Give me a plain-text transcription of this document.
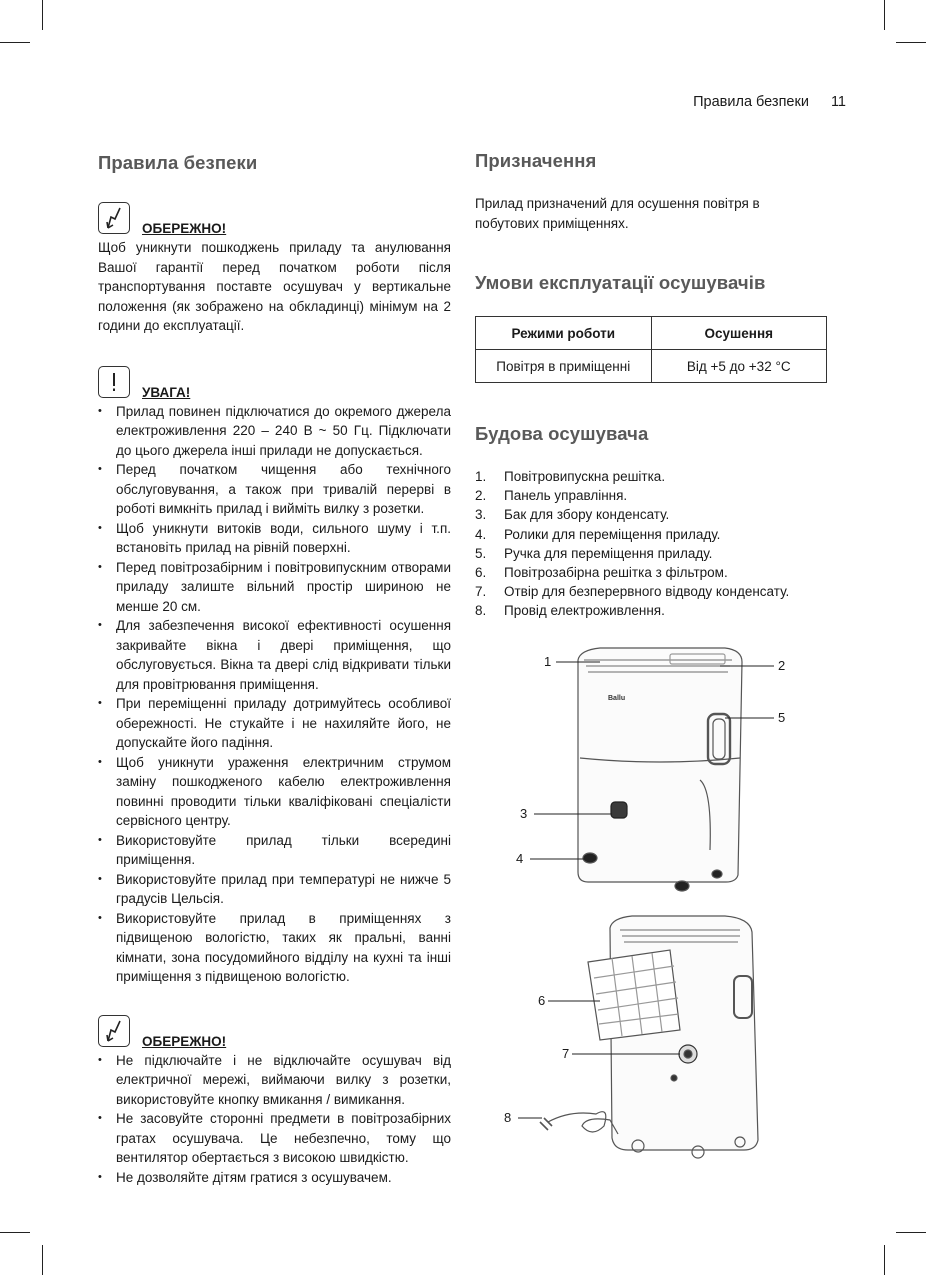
Правила безпеки 11
Правила безпеки
ОБЕРЕЖНО!

Щоб уникнути пошкоджень приладу та анулювання Вашої гарантії перед початком роботи після транспортування поставте осушувач у вертикальне положення (як зображено на обкладинці) мінімум на 2 години до експлуатації.

УВАГА!
• Прилад повинен підключатися до окремого джерела електроживлення 220 – 240 В ~ 50 Гц. Підключати до цього джерела інші прилади не допускається.
• Перед початком чищення або технічного обслуговування, а також при тривалій перерві в роботі вимкніть прилад і вийміть вилку з розетки.
• Щоб уникнути витоків води, сильного шуму і т.п. встановіть прилад на рівній поверхні.
• Перед повітрозабірним і повітровипускним отворами приладу залиште вільний простір шириною не менше 20 см.
• Для забезпечення високої ефективності осушення закривайте вікна і двері приміщення, що обслуговується. Вікна та двері слід відкривати тільки для провітрювання приміщення.
• При переміщенні приладу дотримуйтесь особливої обережності. Не стукайте і не нахиляйте його, не допускайте його падіння.
• Щоб уникнути ураження електричним струмом заміну пошкодженого кабелю електроживлення повинні проводити тільки кваліфіковані спеціалісти сервісного центру.
• Використовуйте прилад тільки всередині приміщення.
• Використовуйте прилад при температурі не нижче 5 градусів Цельсія.
• Використовуйте прилад в приміщеннях з підвищеною вологістю, таких як пральні, ванні кімнати, зона посудомийного відділу на кухні та інші приміщення з підвищеною вологістю.
ОБЕРЕЖНО!
• Не підключайте і не відключайте осушувач від електричної мережі, виймаючи вилку з розетки, використовуйте кнопку вмикання / вимикання.
• Не засовуйте сторонні предмети в повітрозабірних гратах осушувача. Це небезпечно, тому що вентилятор обертається з високою швидкістю.
• Не дозволяйте дітям гратися з осушувачем.
Призначення

Прилад призначений для осушення повітря в побутових приміщеннях.

Умови експлуатації осушувачів
Режими роботи	Осушення
Повітря в приміщенні	Від +5 до +32 °С
Будова осушувача
1.	Повітровипускна решітка.
2.	Панель управління.
3.	Бак для збору конденсату.
4.	Ролики для переміщення приладу.
5.	Ручка для переміщення приладу.
6.	Повітрозабірна решітка з фільтром.
7.	Отвір для безперервного відводу конденсату.
8.	Провід електроживлення.
1	2
3
4
5
6
7
8
Ballu
